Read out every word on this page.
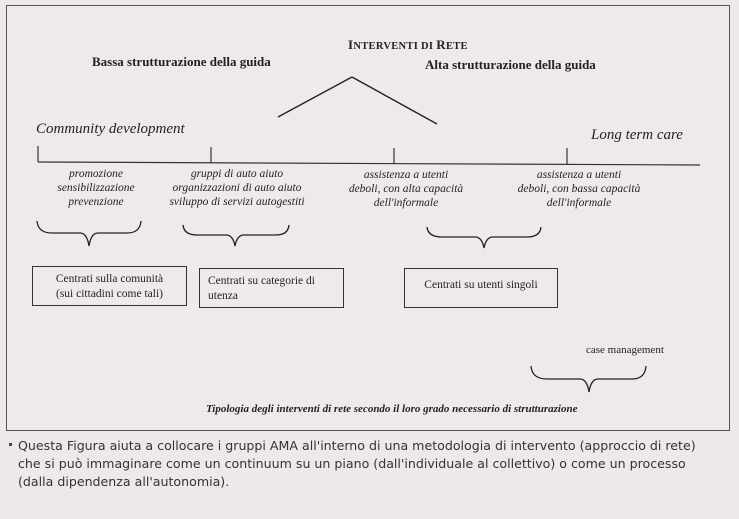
INTERVENTI DI RETE
Bassa strutturazione della guida	Alta strutturazione della guida
Community development	Long term care
promozione
sensibilizzazione
prevenzione
gruppi di auto aiuto
organizzazioni di auto aiuto
sviluppo di servizi autogestiti
assistenza a utenti
deboli, con alta capacità
dell'informale
assistenza a utenti
deboli, con bassa capacità
dell'informale
Centrati sulla comunità
(sui cittadini come tali)
Centrati su categorie di
utenza
Centrati su utenti singoli
case management
Tipologia degli interventi di rete secondo il loro grado necessario di strutturazione
Questa Figura aiuta a collocare i gruppi AMA all'interno di una metodologia di intervento (approccio di rete) che si può immaginare come un continuum su un piano (dall'individuale al collettivo) o come un processo (dalla dipendenza all'autonomia).
